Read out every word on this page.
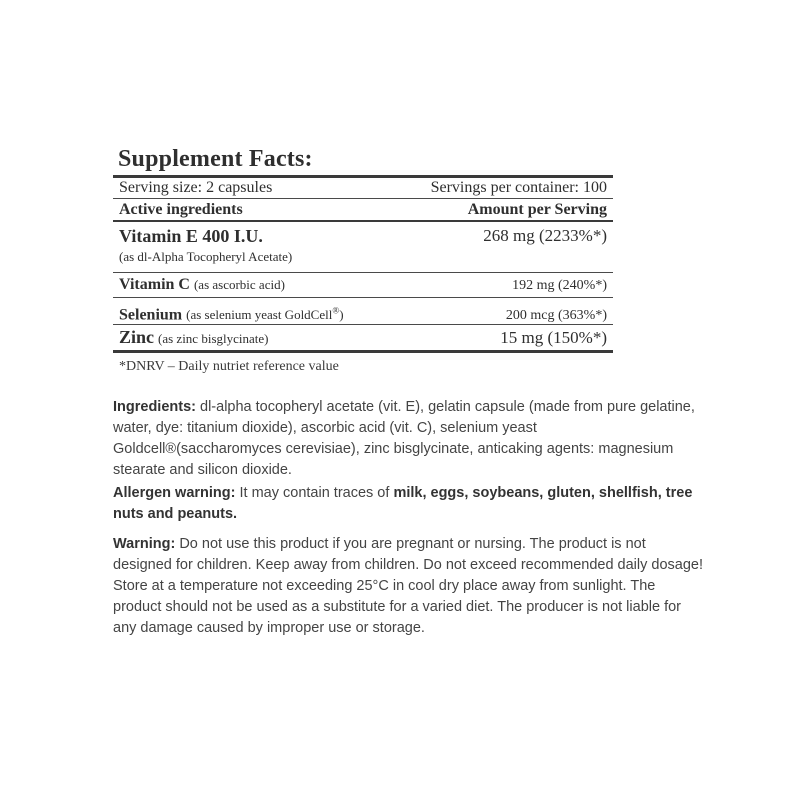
Supplement Facts:
Serving size: 2 capsules	Servings per container: 100
Active ingredients	Amount per Serving
Vitamin E 400 I.U.	268 mg (2233%*)
(as dl-Alpha Tocopheryl Acetate)
Vitamin C (as ascorbic acid)	192 mg (240%*)
Selenium (as selenium yeast GoldCell®)	200 mcg (363%*)
Zinc (as zinc bisglycinate)	15 mg (150%*)
*DNRV – Daily nutriet reference value
Ingredients: dl-alpha tocopheryl acetate (vit. E), gelatin capsule (made from pure gelatine, water, dye: titanium dioxide), ascorbic acid (vit. C), selenium yeast Goldcell®(saccharomyces cerevisiae), zinc bisglycinate, anticaking agents: magnesium stearate and silicon dioxide.
Allergen warning: It may contain traces of milk, eggs, soybeans, gluten, shellfish, tree nuts and peanuts.
Warning: Do not use this product if you are pregnant or nursing. The product is not designed for children. Keep away from children. Do not exceed recommended daily dosage! Store at a temperature not exceeding 25°C in cool dry place away from sunlight. The product should not be used as a substitute for a varied diet. The producer is not liable for any damage caused by improper use or storage.
